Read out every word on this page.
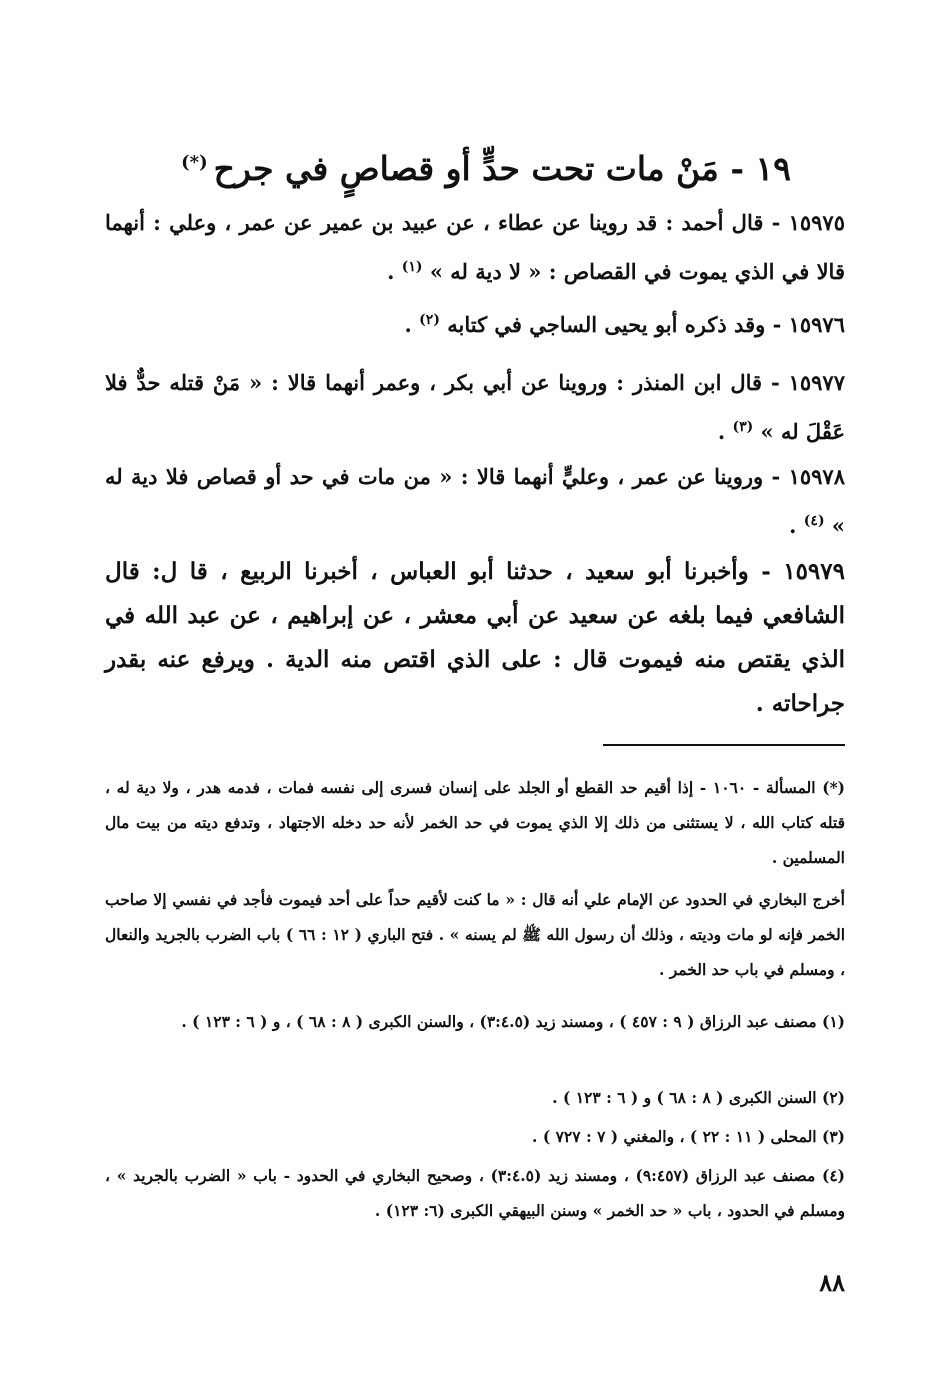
١٩ - مَنْ مات تحت حدٍّ أو قصاصٍ في جرح(*)
١٥٩٧٥ - قال أحمد : قد روينا عن عطاء ، عن عبيد بن عمير عن عمر ، وعلي : أنهما قالا في الذي يموت في القصاص : « لا دية له » $^{(١)}$ .
١٥٩٧٦ - وقد ذكره أبو يحيى الساجي في كتابه $^{(٢)}$ .
١٥٩٧٧ - قال ابن المنذر : وروينا عن أبي بكر ، وعمر أنهما قالا : « مَنْ قتله حدٌّ فلا عَقْلَ له » $^{(٣)}$ .
١٥٩٧٨ - وروينا عن عمر ، وعليٍّ أنهما قالا : « من مات في حد أو قصاص فلا دية له » $^{(٤)}$ .
١٥٩٧٩ - وأخبرنا أبو سعيد ، حدثنا أبو العباس ، أخبرنا الربيع ، قا ل: قال الشافعي فيما بلغه عن سعيد عن أبي معشر ، عن إبراهيم ، عن عبد الله في الذي يقتص منه فيموت قال : على الذي اقتص منه الدية . ويرفع عنه بقدر جراحاته .
(*) المسألة - ١٠٦٠ - إذا أقيم حد القطع أو الجلد على إنسان فسرى إلى نفسه فمات ، فدمه هدر ، ولا دية له ، قتله كتاب الله ، لا يستثنى من ذلك إلا الذي يموت في حد الخمر لأنه حد دخله الاجتهاد ، وتدفع ديته من بيت مال المسلمين .
أخرج البخاري في الحدود عن الإمام علي أنه قال : « ما كنت لأقيم حداً على أحد فيموت فأجد في نفسي إلا صاحب الخمر فإنه لو مات وديته ، وذلك أن رسول الله ﷺ لم يسنه » . فتح الباري ( ١٢ : ٦٦ ) باب الضرب بالجريد والنعال ، ومسلم في باب حد الخمر .
(١) مصنف عبد الرزاق ( ٩ : ٤٥٧ ) ، ومسند زيد (٣:٤.٥) ، والسنن الكبرى ( ٨ : ٦٨ ) ، و ( ٦ : ١٢٣ ) .
(٢) السنن الكبرى ( ٨ : ٦٨ ) و ( ٦ : ١٢٣ ) .
(٣) المحلى ( ١١ : ٢٢ ) ، والمغني ( ٧ : ٧٢٧ ) .
(٤) مصنف عبد الرزاق (٩:٤٥٧) ، ومسند زيد (٣:٤.٥) ، وصحيح البخاري في الحدود - باب « الضرب بالجريد » ، ومسلم في الحدود ، باب « حد الخمر » وسنن البيهقي الكبرى (٦: ١٢٣) .
٨٨
